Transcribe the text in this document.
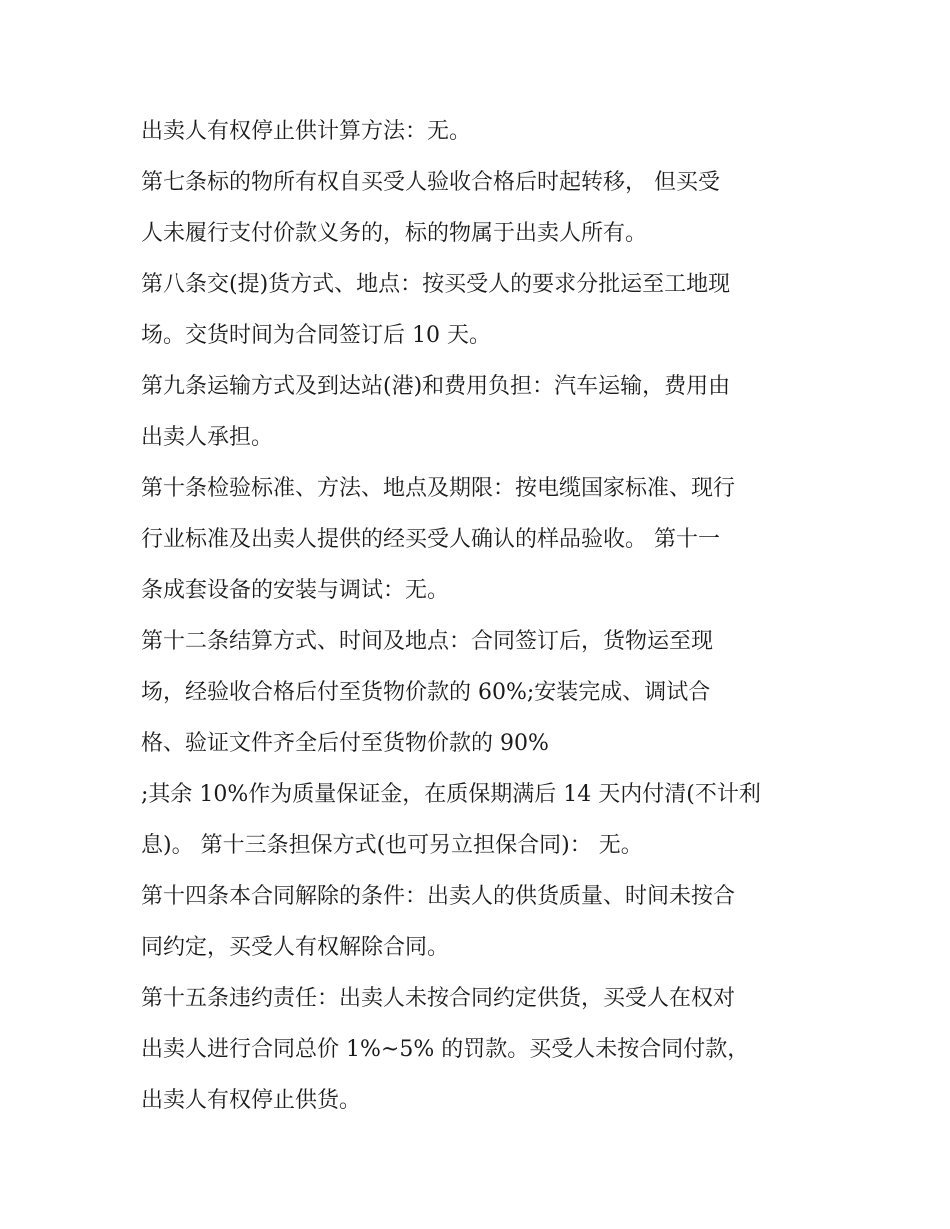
出卖人有权停止供计算方法：无。
第七条标的物所有权自买受人验收合格后时起转移， 但买受
人未履行支付价款义务的，标的物属于出卖人所有。
第八条交(提)货方式、地点：按买受人的要求分批运至工地现
场。交货时间为合同签订后 10 天。
第九条运输方式及到达站(港)和费用负担：汽车运输，费用由
出卖人承担。
第十条检验标准、方法、地点及期限：按电缆国家标准、现行
行业标准及出卖人提供的经买受人确认的样品验收。 第十一
条成套设备的安装与调试：无。
第十二条结算方式、时间及地点：合同签订后，货物运至现
场，经验收合格后付至货物价款的 60%;安装完成、调试合
格、验证文件齐全后付至货物价款的 90%
;其余 10%作为质量保证金，在质保期满后 14 天内付清(不计利
息)。 第十三条担保方式(也可另立担保合同)： 无。
第十四条本合同解除的条件：出卖人的供货质量、时间未按合
同约定，买受人有权解除合同。
第十五条违约责任：出卖人未按合同约定供货，买受人在权对
出卖人进行合同总价 1%~5% 的罚款。买受人未按合同付款，
出卖人有权停止供货。
